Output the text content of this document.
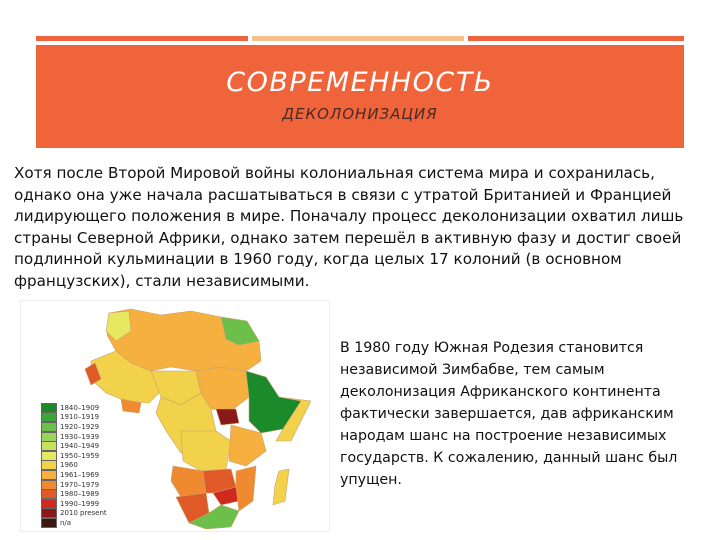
СОВРЕМЕННОСТЬ
ДЕКОЛОНИЗАЦИЯ
Хотя после Второй Мировой войны колониальная система мира и сохранилась, однако она уже начала расшатываться в связи с утратой Британией и Францией лидирующего положения в мире. Поначалу процесс деколонизации охватил лишь страны Северной Африки, однако затем перешёл в активную фазу и достиг своей подлинной кульминации в 1960 году, когда целых 17 колоний (в основном французских), стали независимыми.
1840–1909
1910–1919
1920–1929
1930–1939
1940–1949
1950–1959
1960
1961–1969
1970–1979
1980–1989
1990–1999
2010 present
n/a
В 1980 году Южная Родезия становится независимой Зимбабве, тем самым деколонизация Африканского континента фактически завершается, дав африканским народам шанс на построение независимых государств. К сожалению, данный шанс был упущен.
